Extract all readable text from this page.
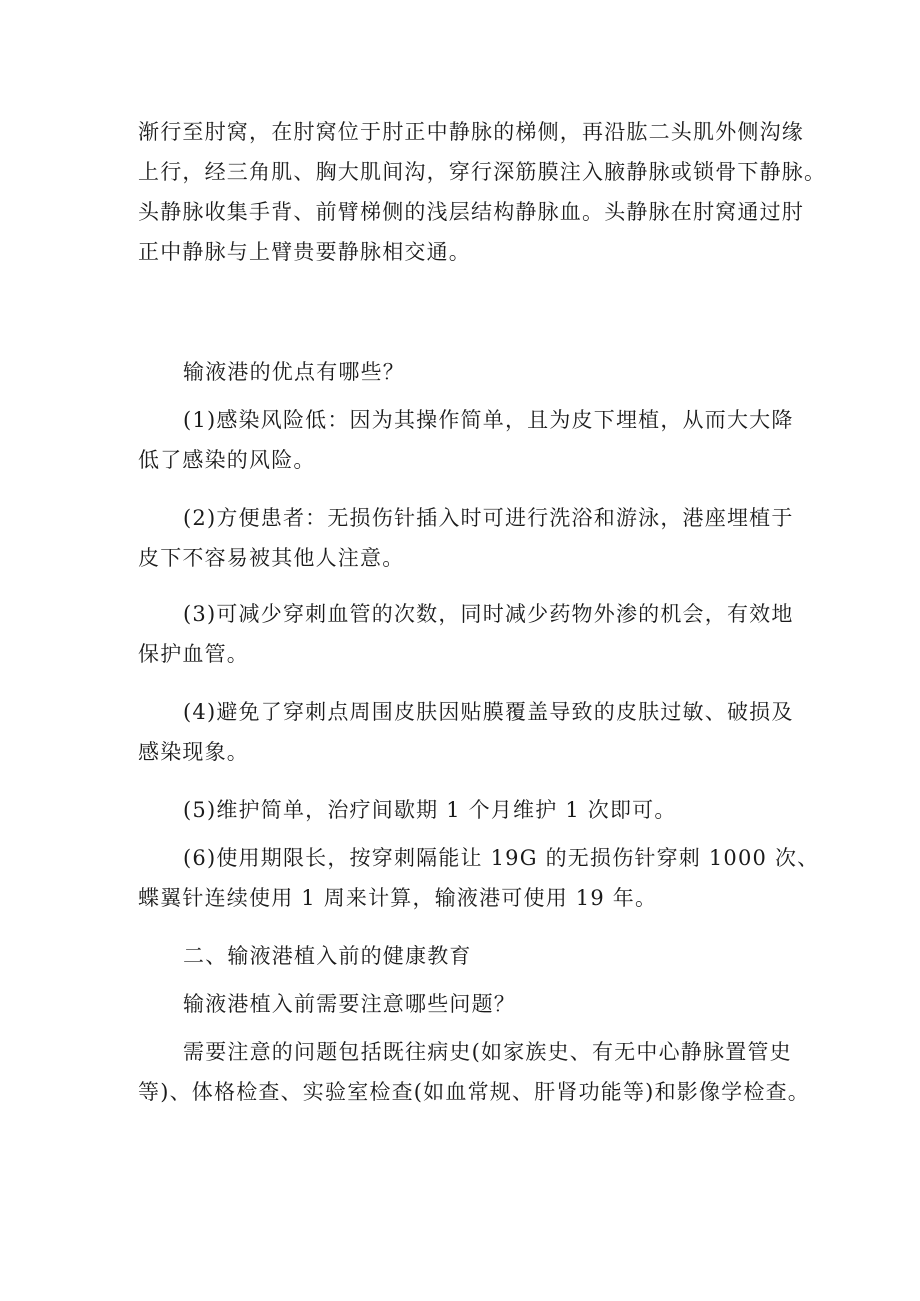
渐行至肘窝，在肘窝位于肘正中静脉的梯侧，再沿肱二头肌外侧沟缘
上行，经三角肌、胸大肌间沟，穿行深筋膜注入腋静脉或锁骨下静脉。
头静脉收集手背、前臂梯侧的浅层结构静脉血。头静脉在肘窝通过肘
正中静脉与上臂贵要静脉相交通。
输液港的优点有哪些？
(1)感染风险低：因为其操作简单，且为皮下埋植，从而大大降
低了感染的风险。
(2)方便患者：无损伤针插入时可进行洗浴和游泳，港座埋植于
皮下不容易被其他人注意。
(3)可减少穿刺血管的次数，同时减少药物外渗的机会，有效地
保护血管。
(4)避免了穿刺点周围皮肤因贴膜覆盖导致的皮肤过敏、破损及
感染现象。
(5)维护简单，治疗间歇期 1 个月维护 1 次即可。
(6)使用期限长，按穿刺隔能让 19G 的无损伤针穿刺 1000 次、
蝶翼针连续使用 1 周来计算，输液港可使用 19 年。
二、输液港植入前的健康教育
输液港植入前需要注意哪些问题？
需要注意的问题包括既往病史(如家族史、有无中心静脉置管史
等)、体格检查、实验室检查(如血常规、肝肾功能等)和影像学检查。
